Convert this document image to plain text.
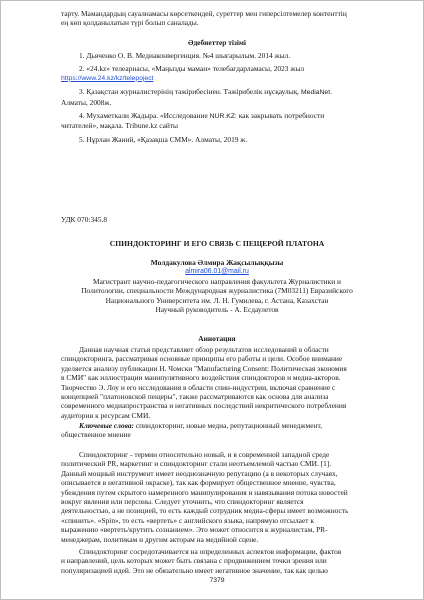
тарту. Мамандардың сауалнамасы көрсеткендей, суреттер мен гиперсілтемелер контенттің
ең көп қолданылатын түрі болып саналады.
Әдебиеттер тізімі
1. Дьяченко О. В. Медиаконвергенция. №4 шығарылым. 2014 жыл.
2. «24.kz» телеарнасы, «Маңызды маман» телебағдарламасы, 2023 жыл
https://www.24.kz/kz/telepoject
3. Қазақстан журналистерінің тәжірибесінен. Тәжірибелік нұсқаулық. MediaNet.
Алматы, 2008ж.
4. Мухаметкали Жадыра. «Исследование NUR.KZ: как закрывать потребности
читателей», мақала. Tribune.kz сайты
5. Нұрлан Жаний, «Қазақша СММ». Алматы, 2019 ж.
УДК 070:345.8
СПИНДОКТОРИНГ И ЕГО СВЯЗЬ С ПЕЩЕРОЙ ПЛАТОНА
Молдакулова Әлмира Жақсылыққызы
almira06.01@mail.ru
Магистрант научно-педагогического направления факультета Журналистики и
Политологии, специальности Международная журналистика (7М03211) Евразийского
Национального Университета им. Л. Н. Гумилева, г. Астана, Казахстан
Научный руководитель - А. Есдаулетов
Аннотация
Данная научная статья представляет обзор результатов исследований в области
спиндокторинга, рассматривая основные принципы его работы и цели. Особое внимание
уделяется анализу публикации Н. Чомски "Manufacturing Consent: Политическая экономия
в СМИ" как иллюстрации манипулятивного воздействия спиндокторов и медиа-акторов.
Творчество Э. Лоу и его исследования в области спин-индустрии, включая сравнение с
концепцией "платоновской пещеры", также рассматриваются как основа для анализа
современного медиапространства и негативных последствий некритического потребления
аудитории к ресурсам СМИ.
Ключевые слова: спиндокторинг, новые медиа, репутационный менеджмент,
общественное мнение
Спиндокторинг - термин относительно новый, и в современной западной среде
политический PR, маркетинг и спиндокторинг стали неотъемлемой частью СМИ. [1].
Данный мощный инструмент имеет неоднозначную репутацию (а в некоторых случаях,
описывается в негативной окраске), так как формирует общественное мнение, чувства,
убеждения путем скрытого намеренного манипулирования и навязывания потока новостей
вокруг явления или персоны. Следует уточнить, что спиндокторинг является
деятельностью, а не позицией, то есть каждый сотрудник медиа-сферы имеет возможность
«спинить». «Spin», то есть «вертеть» с английского языка, напрямую отсылает к
выражению «вертеть/крутить сознанием». Это может относится к журналистам, PR-
менеджерам, политикам и другим акторам на медийной сцене.
Спиндокторинг сосредотачивается на определенных аспектов информации, фактов
и направлений, цель которых может быть связана с продвижением точки зрения или
популяризацией идей. Это не обязательно имеет негативное значение, так как целью
7379
